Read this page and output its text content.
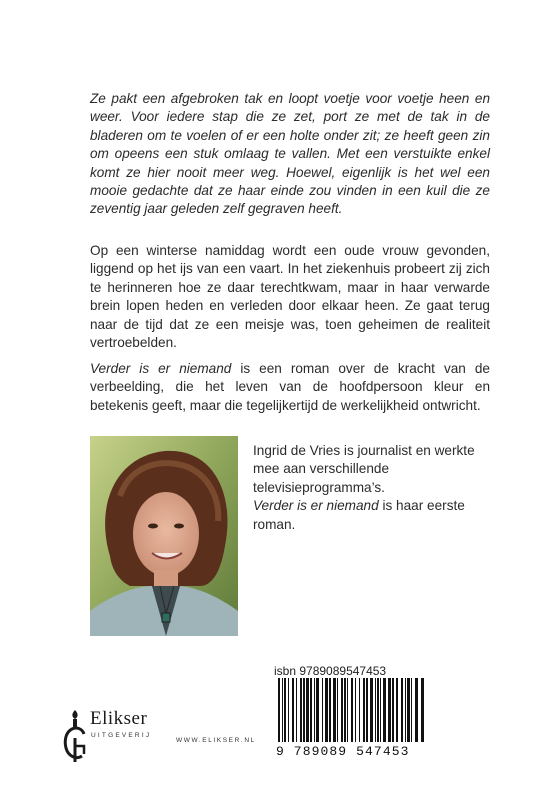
Ze pakt een afgebroken tak en loopt voetje voor voetje heen en weer. Voor iedere stap die ze zet, port ze met de tak in de bladeren om te voelen of er een holte onder zit; ze heeft geen zin om opeens een stuk omlaag te vallen. Met een verstuikte enkel komt ze hier nooit meer weg. Hoewel, eigenlijk is het wel een mooie gedachte dat ze haar einde zou vinden in een kuil die ze zeventig jaar geleden zelf gegraven heeft.

Op een winterse namiddag wordt een oude vrouw gevonden, liggend op het ijs van een vaart. In het ziekenhuis probeert zij zich te herinneren hoe ze daar terechtkwam, maar in haar verwarde brein lopen heden en verleden door elkaar heen. Ze gaat terug naar de tijd dat ze een meisje was, toen geheimen de realiteit vertroebelden.

Verder is er niemand is een roman over de kracht van de verbeelding, die het leven van de hoofdpersoon kleur en betekenis geeft, maar die tegelijkertijd de werkelijkheid ontwricht.

Ingrid de Vries is journalist en werkte mee aan verschillende televisieprogramma’s.

Verder is er niemand is haar eerste roman.

isbn 9789089547453
9 789089 547453
Elikser
UITGEVERIJ
WWW.ELIKSER.NL
